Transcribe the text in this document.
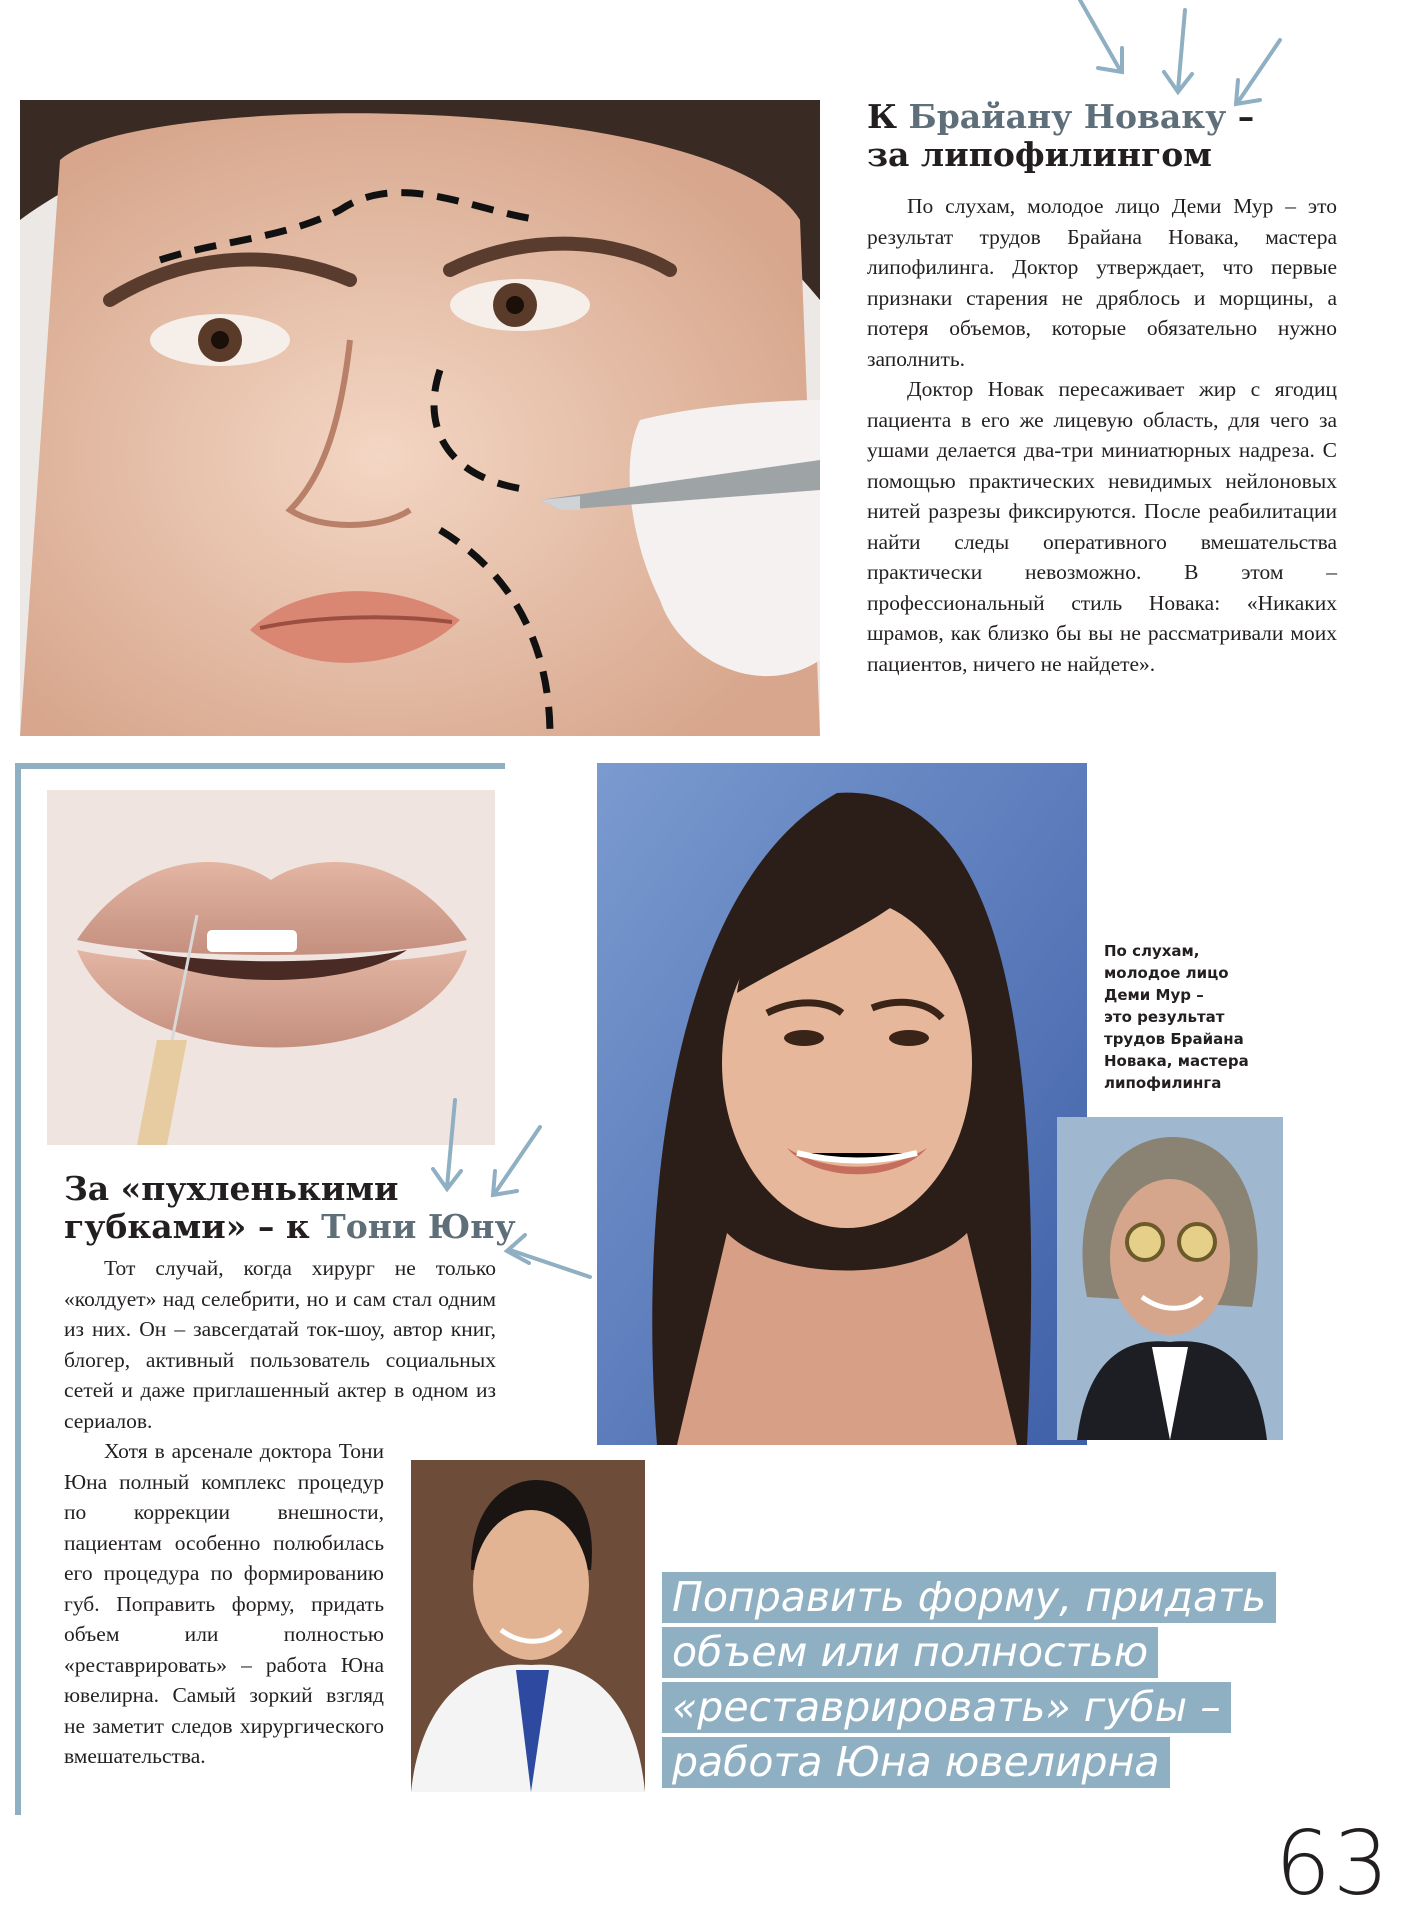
К Брайану Новаку –
за липофилингом

По слухам, молодое лицо Деми Мур – это результат трудов Брайана Новака, мастера липофилинга. Доктор утверждает, что первые признаки старения не дряблось и морщины, а потеря объемов, которые обязательно нужно заполнить.

Доктор Новак пересаживает жир с ягодиц пациента в его же лицевую область, для чего за ушами делается два-три миниатюрных надреза. С помощью практических невидимых нейлоновых нитей разрезы фиксируются. После реабилитации найти следы оперативного вмешательства практически невозможно. В этом – профессиональный стиль Новака: «Никаких шрамов, как близко бы вы не рассматривали моих пациентов, ничего не найдете».

По слухам,
молодое лицо
Деми Мур –
это результат
трудов Брайана
Новака, мастера
липофилинга
За «пухленькими
губками» – к Тони Юну

Тот случай, когда хирург не только «колдует» над селебрити, но и сам стал одним из них. Он – завсегдатай ток-шоу, автор книг, блогер, активный пользователь социальных сетей и даже приглашенный актер в одном из сериалов.

Хотя в арсенале доктора Тони Юна полный комплекс процедур по коррекции внешности, пациентам особенно полюбилась его процедура по формированию губ. Поправить форму, придать объем или полностью «реставрировать» – работа Юна ювелирна. Самый зоркий взгляд не заметит следов хирургического вмешательства.

Поправить форму, придать
объем или полностью
«реставрировать» губы –
работа Юна ювелирна
63
